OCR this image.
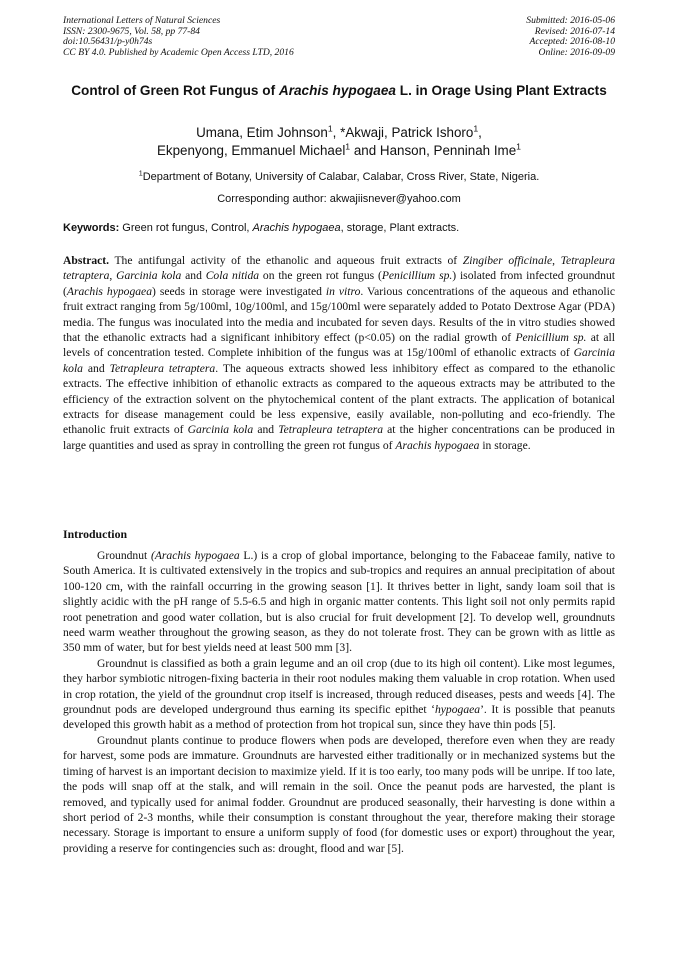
International Letters of Natural Sciences
ISSN: 2300-9675, Vol. 58, pp 77-84
doi:10.56431/p-y0h74s
CC BY 4.0. Published by Academic Open Access LTD, 2016
Submitted: 2016-05-06
Revised: 2016-07-14
Accepted: 2016-08-10
Online: 2016-09-09
Control of Green Rot Fungus of Arachis hypogaea L. in Orage Using Plant Extracts
Umana, Etim Johnson$^1$, *Akwaji, Patrick Ishoro$^1$,
Ekpenyong, Emmanuel Michael$^1$ and Hanson, Penninah Ime$^1$
$^1$Department of Botany, University of Calabar, Calabar, Cross River, State, Nigeria.
Corresponding author: akwajiisnever@yahoo.com
Keywords: Green rot fungus, Control, Arachis hypogaea, storage, Plant extracts.
Abstract. The antifungal activity of the ethanolic and aqueous fruit extracts of Zingiber officinale, Tetrapleura tetraptera, Garcinia kola and Cola nitida on the green rot fungus (Penicillium sp.) isolated from infected groundnut (Arachis hypogaea) seeds in storage were investigated in vitro. Various concentrations of the aqueous and ethanolic fruit extract ranging from 5g/100ml, 10g/100ml, and 15g/100ml were separately added to Potato Dextrose Agar (PDA) media. The fungus was inoculated into the media and incubated for seven days. Results of the in vitro studies showed that the ethanolic extracts had a significant inhibitory effect (p<0.05) on the radial growth of Penicillium sp. at all levels of concentration tested. Complete inhibition of the fungus was at 15g/100ml of ethanolic extracts of Garcinia kola and Tetrapleura tetraptera. The aqueous extracts showed less inhibitory effect as compared to the ethanolic extracts. The effective inhibition of ethanolic extracts as compared to the aqueous extracts may be attributed to the efficiency of the extraction solvent on the phytochemical content of the plant extracts. The application of botanical extracts for disease management could be less expensive, easily available, non-polluting and eco-friendly. The ethanolic fruit extracts of Garcinia kola and Tetrapleura tetraptera at the higher concentrations can be produced in large quantities and used as spray in controlling the green rot fungus of Arachis hypogaea in storage.
Introduction

Groundnut (Arachis hypogaea L.) is a crop of global importance, belonging to the Fabaceae family, native to South America. It is cultivated extensively in the tropics and sub-tropics and requires an annual precipitation of about 100-120 cm, with the rainfall occurring in the growing season [1]. It thrives better in light, sandy loam soil that is slightly acidic with the pH range of 5.5-6.5 and high in organic matter contents. This light soil not only permits rapid root penetration and good water collation, but is also crucial for fruit development [2]. To develop well, groundnuts need warm weather throughout the growing season, as they do not tolerate frost. They can be grown with as little as 350 mm of water, but for best yields need at least 500 mm [3].

Groundnut is classified as both a grain legume and an oil crop (due to its high oil content). Like most legumes, they harbor symbiotic nitrogen-fixing bacteria in their root nodules making them valuable in crop rotation. When used in crop rotation, the yield of the groundnut crop itself is increased, through reduced diseases, pests and weeds [4]. The groundnut pods are developed underground thus earning its specific epithet ‘hypogaea’. It is possible that peanuts developed this growth habit as a method of protection from hot tropical sun, since they have thin pods [5].

Groundnut plants continue to produce flowers when pods are developed, therefore even when they are ready for harvest, some pods are immature. Groundnuts are harvested either traditionally or in mechanized systems but the timing of harvest is an important decision to maximize yield. If it is too early, too many pods will be unripe. If too late, the pods will snap off at the stalk, and will remain in the soil. Once the peanut pods are harvested, the plant is removed, and typically used for animal fodder. Groundnut are produced seasonally, their harvesting is done within a short period of 2-3 months, while their consumption is constant throughout the year, therefore making their storage necessary. Storage is important to ensure a uniform supply of food (for domestic uses or export) throughout the year, providing a reserve for contingencies such as: drought, flood and war [5].
